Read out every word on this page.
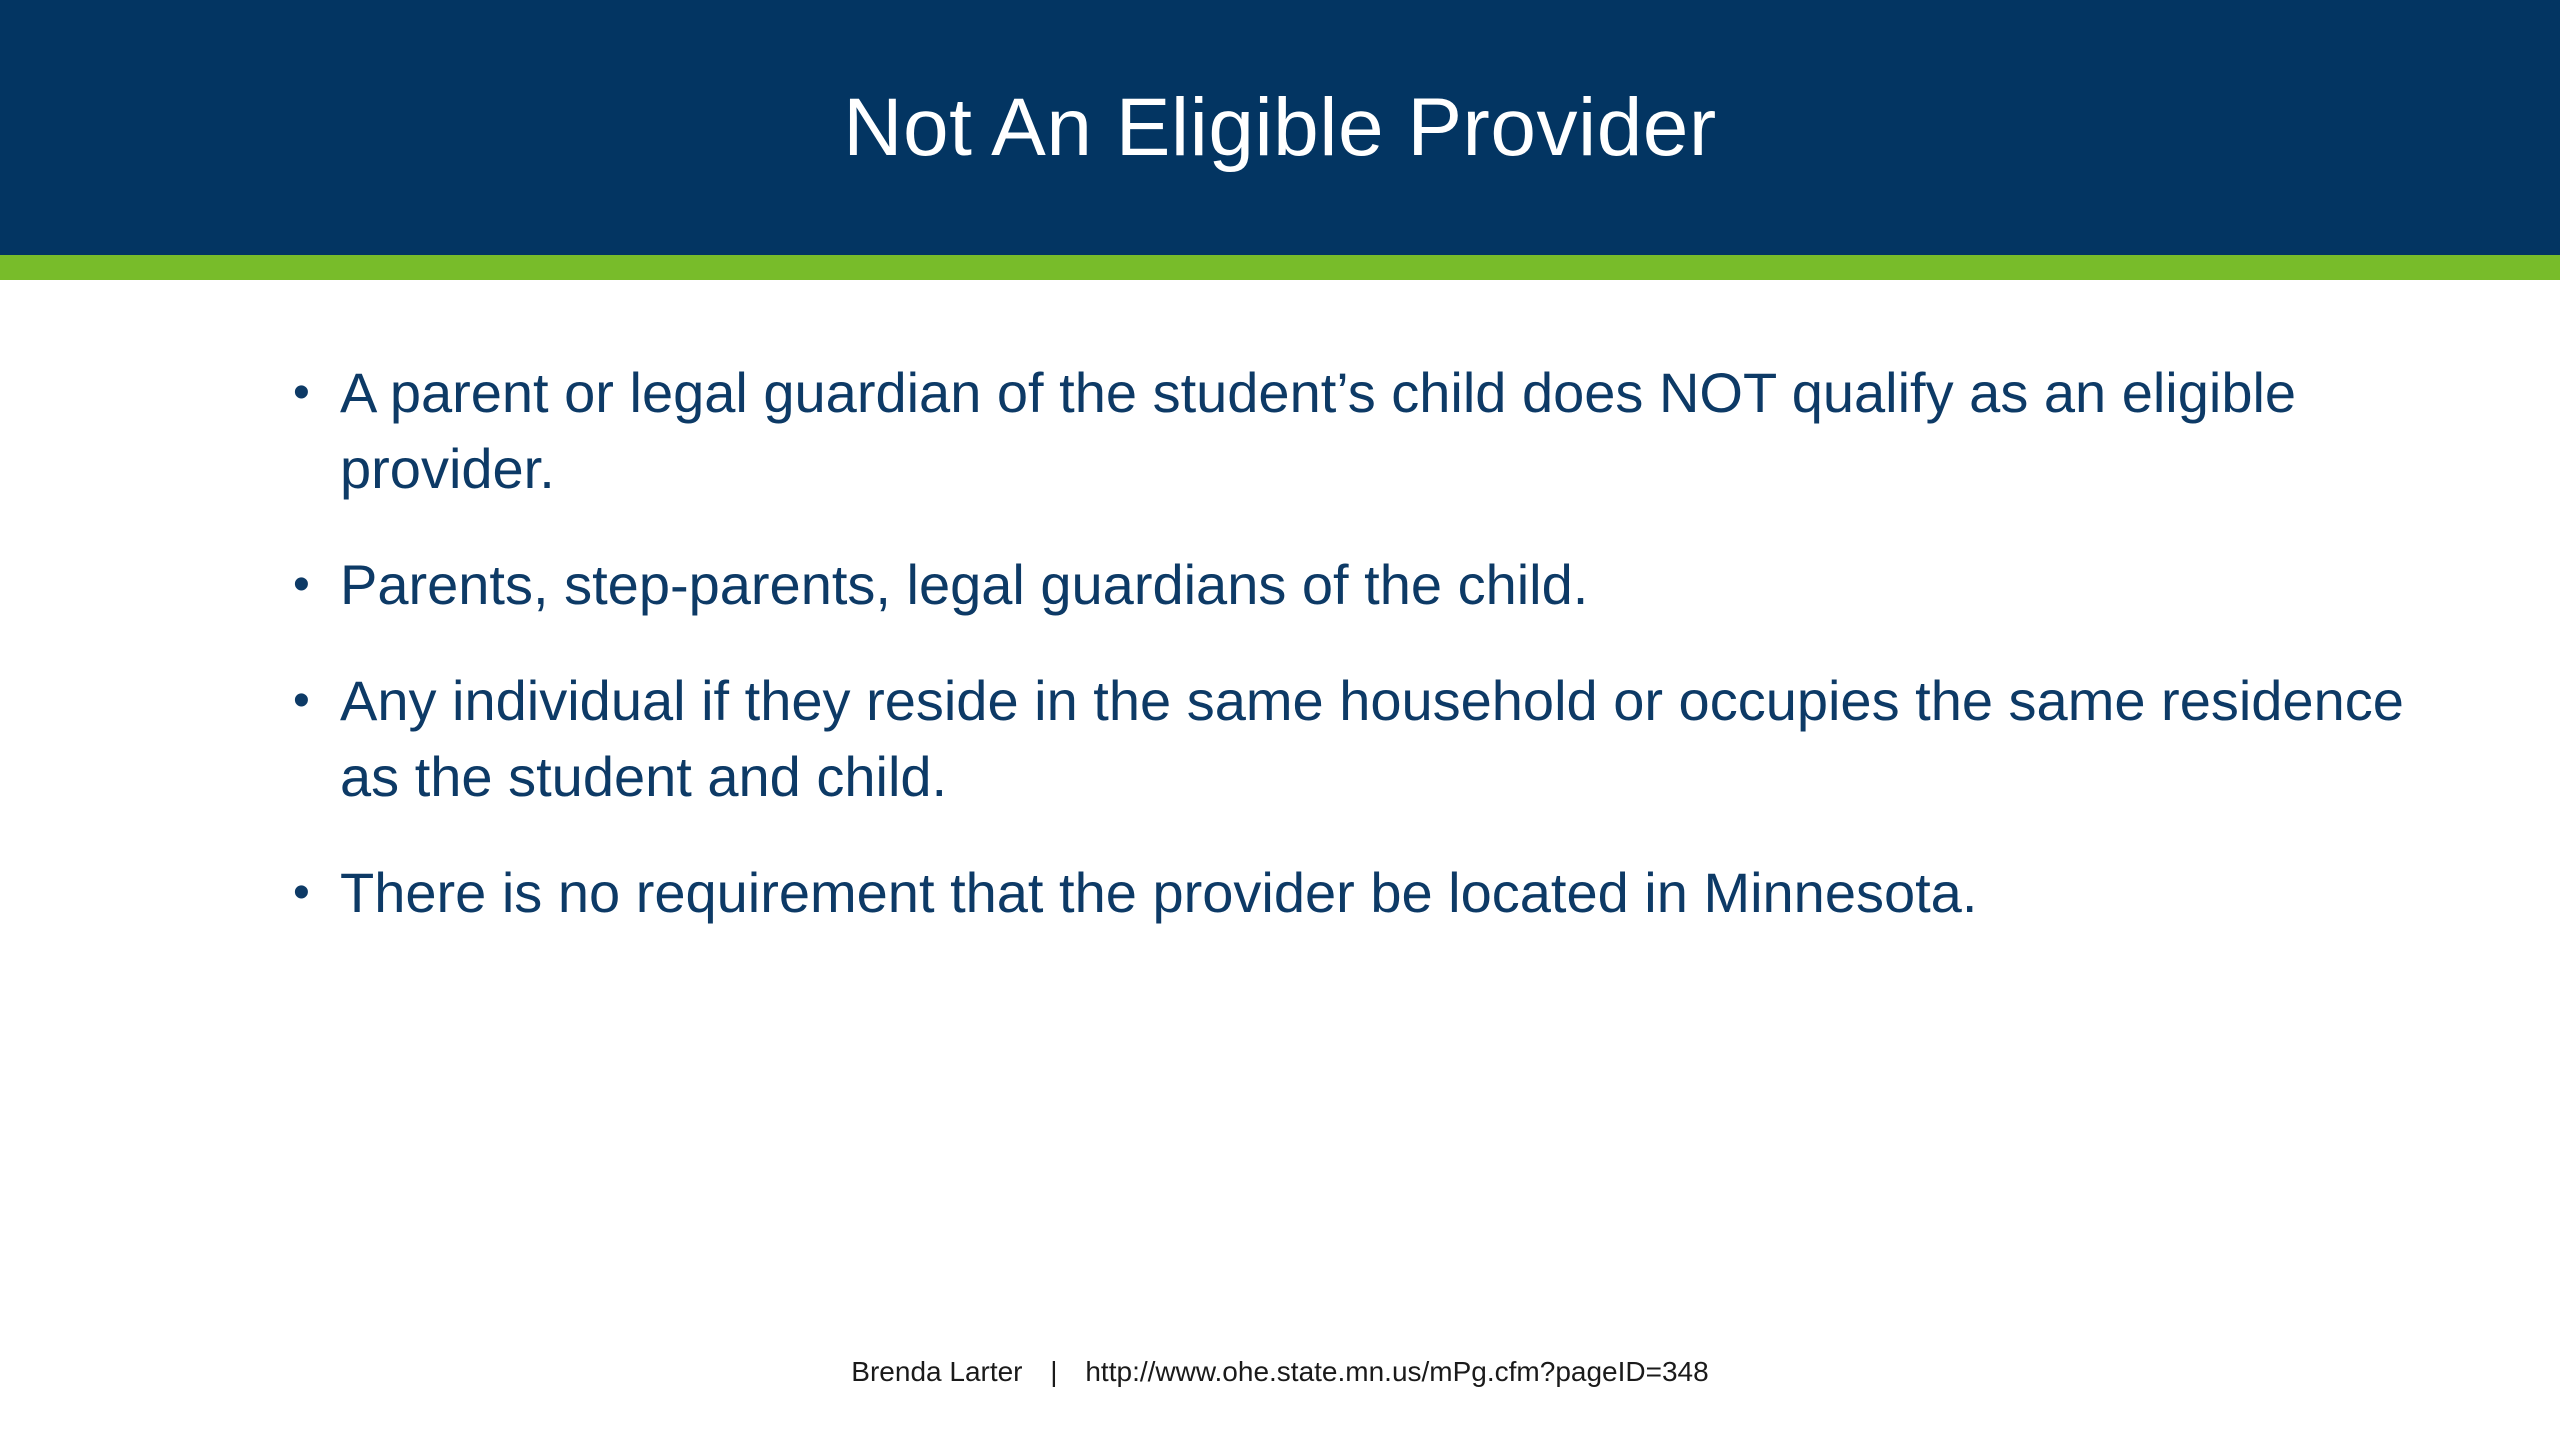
Not An Eligible Provider
• A parent or legal guardian of the student’s child does NOT qualify as an eligible provider.
• Parents, step-parents, legal guardians of the child.
• Any individual if they reside in the same household or occupies the same residence as the student and child.
• There is no requirement that the provider be located in Minnesota.
Brenda Larter | http://www.ohe.state.mn.us/mPg.cfm?pageID=348
